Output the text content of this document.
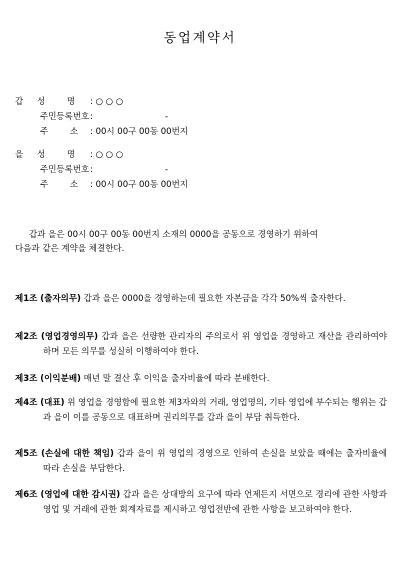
동업계약서
갑 성        명 : ○ ○ ○
주민등록번호 :	-
주        소 : 00시 00구 00동 00번지
을 성        명 : ○ ○ ○
주민등록번호 :	-
주        소 : 00시 00구 00동 00번지

갑과 을은 00시 00구 00동 00번지 소재의 0000을 공동으로 경영하기 위하여

다음과 같은 계약을 체결한다.

제1조 (출자의무) 갑과 을은 0000을 경영하는데 필요한 자본금을 각각 50%씩 출자한다.

제2조 (영업경영의무) 갑과 을은 선량한 관리자의 주의로서 위 영업을 경영하고 재산을 관리하여야 하며 모든 의무를 성실히 이행하여야 한다.

제3조 (이익분배) 매년 말 결산 후 이익을 출자비율에 따라 분배한다.

제4조 (대표) 위 영업을 경영함에 필요한 제3자와의 거래, 영업명의, 기타 영업에 부수되는 행위는 갑과 을이 이를 공동으로 대표하며 권리의무를 갑과 을이 부담 취득한다.

제5조 (손실에 대한 책임) 갑과 을이 위 영업의 경영으로 인하여 손실을 보았을 때에는 출자비율에 따라 손실을 부담한다.

제6조 (영업에 대한 감시권) 갑과 을은 상대방의 요구에 따라 언제든지 서면으로 경리에 관한 사항과 영업 및 거래에 관한 회계자료를 제시하고 영업전반에 관한 사항을 보고하여야 한다.
